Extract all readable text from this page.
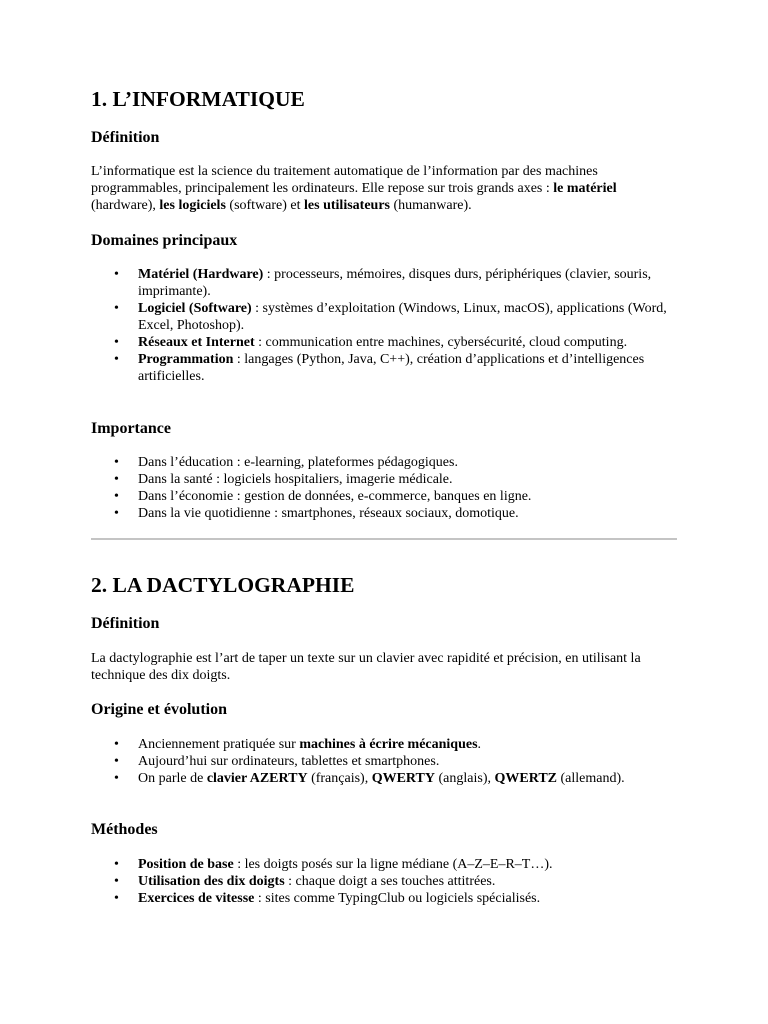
1. L’INFORMATIQUE
Définition

L’informatique est la science du traitement automatique de l’information par des machines programmables, principalement les ordinateurs. Elle repose sur trois grands axes : le matériel (hardware), les logiciels (software) et les utilisateurs (humanware).

Domaines principaux
• Matériel (Hardware) : processeurs, mémoires, disques durs, périphériques (clavier, souris, imprimante).
• Logiciel (Software) : systèmes d’exploitation (Windows, Linux, macOS), applications (Word, Excel, Photoshop).
• Réseaux et Internet : communication entre machines, cybersécurité, cloud computing.
• Programmation : langages (Python, Java, C++), création d’applications et d’intelligences artificielles.
Importance
• Dans l’éducation : e-learning, plateformes pédagogiques.
• Dans la santé : logiciels hospitaliers, imagerie médicale.
• Dans l’économie : gestion de données, e-commerce, banques en ligne.
• Dans la vie quotidienne : smartphones, réseaux sociaux, domotique.
2. LA DACTYLOGRAPHIE
Définition

La dactylographie est l’art de taper un texte sur un clavier avec rapidité et précision, en utilisant la technique des dix doigts.

Origine et évolution
• Anciennement pratiquée sur machines à écrire mécaniques.
• Aujourd’hui sur ordinateurs, tablettes et smartphones.
• On parle de clavier AZERTY (français), QWERTY (anglais), QWERTZ (allemand).
Méthodes
• Position de base : les doigts posés sur la ligne médiane (A–Z–E–R–T…).
• Utilisation des dix doigts : chaque doigt a ses touches attitrées.
• Exercices de vitesse : sites comme TypingClub ou logiciels spécialisés.
